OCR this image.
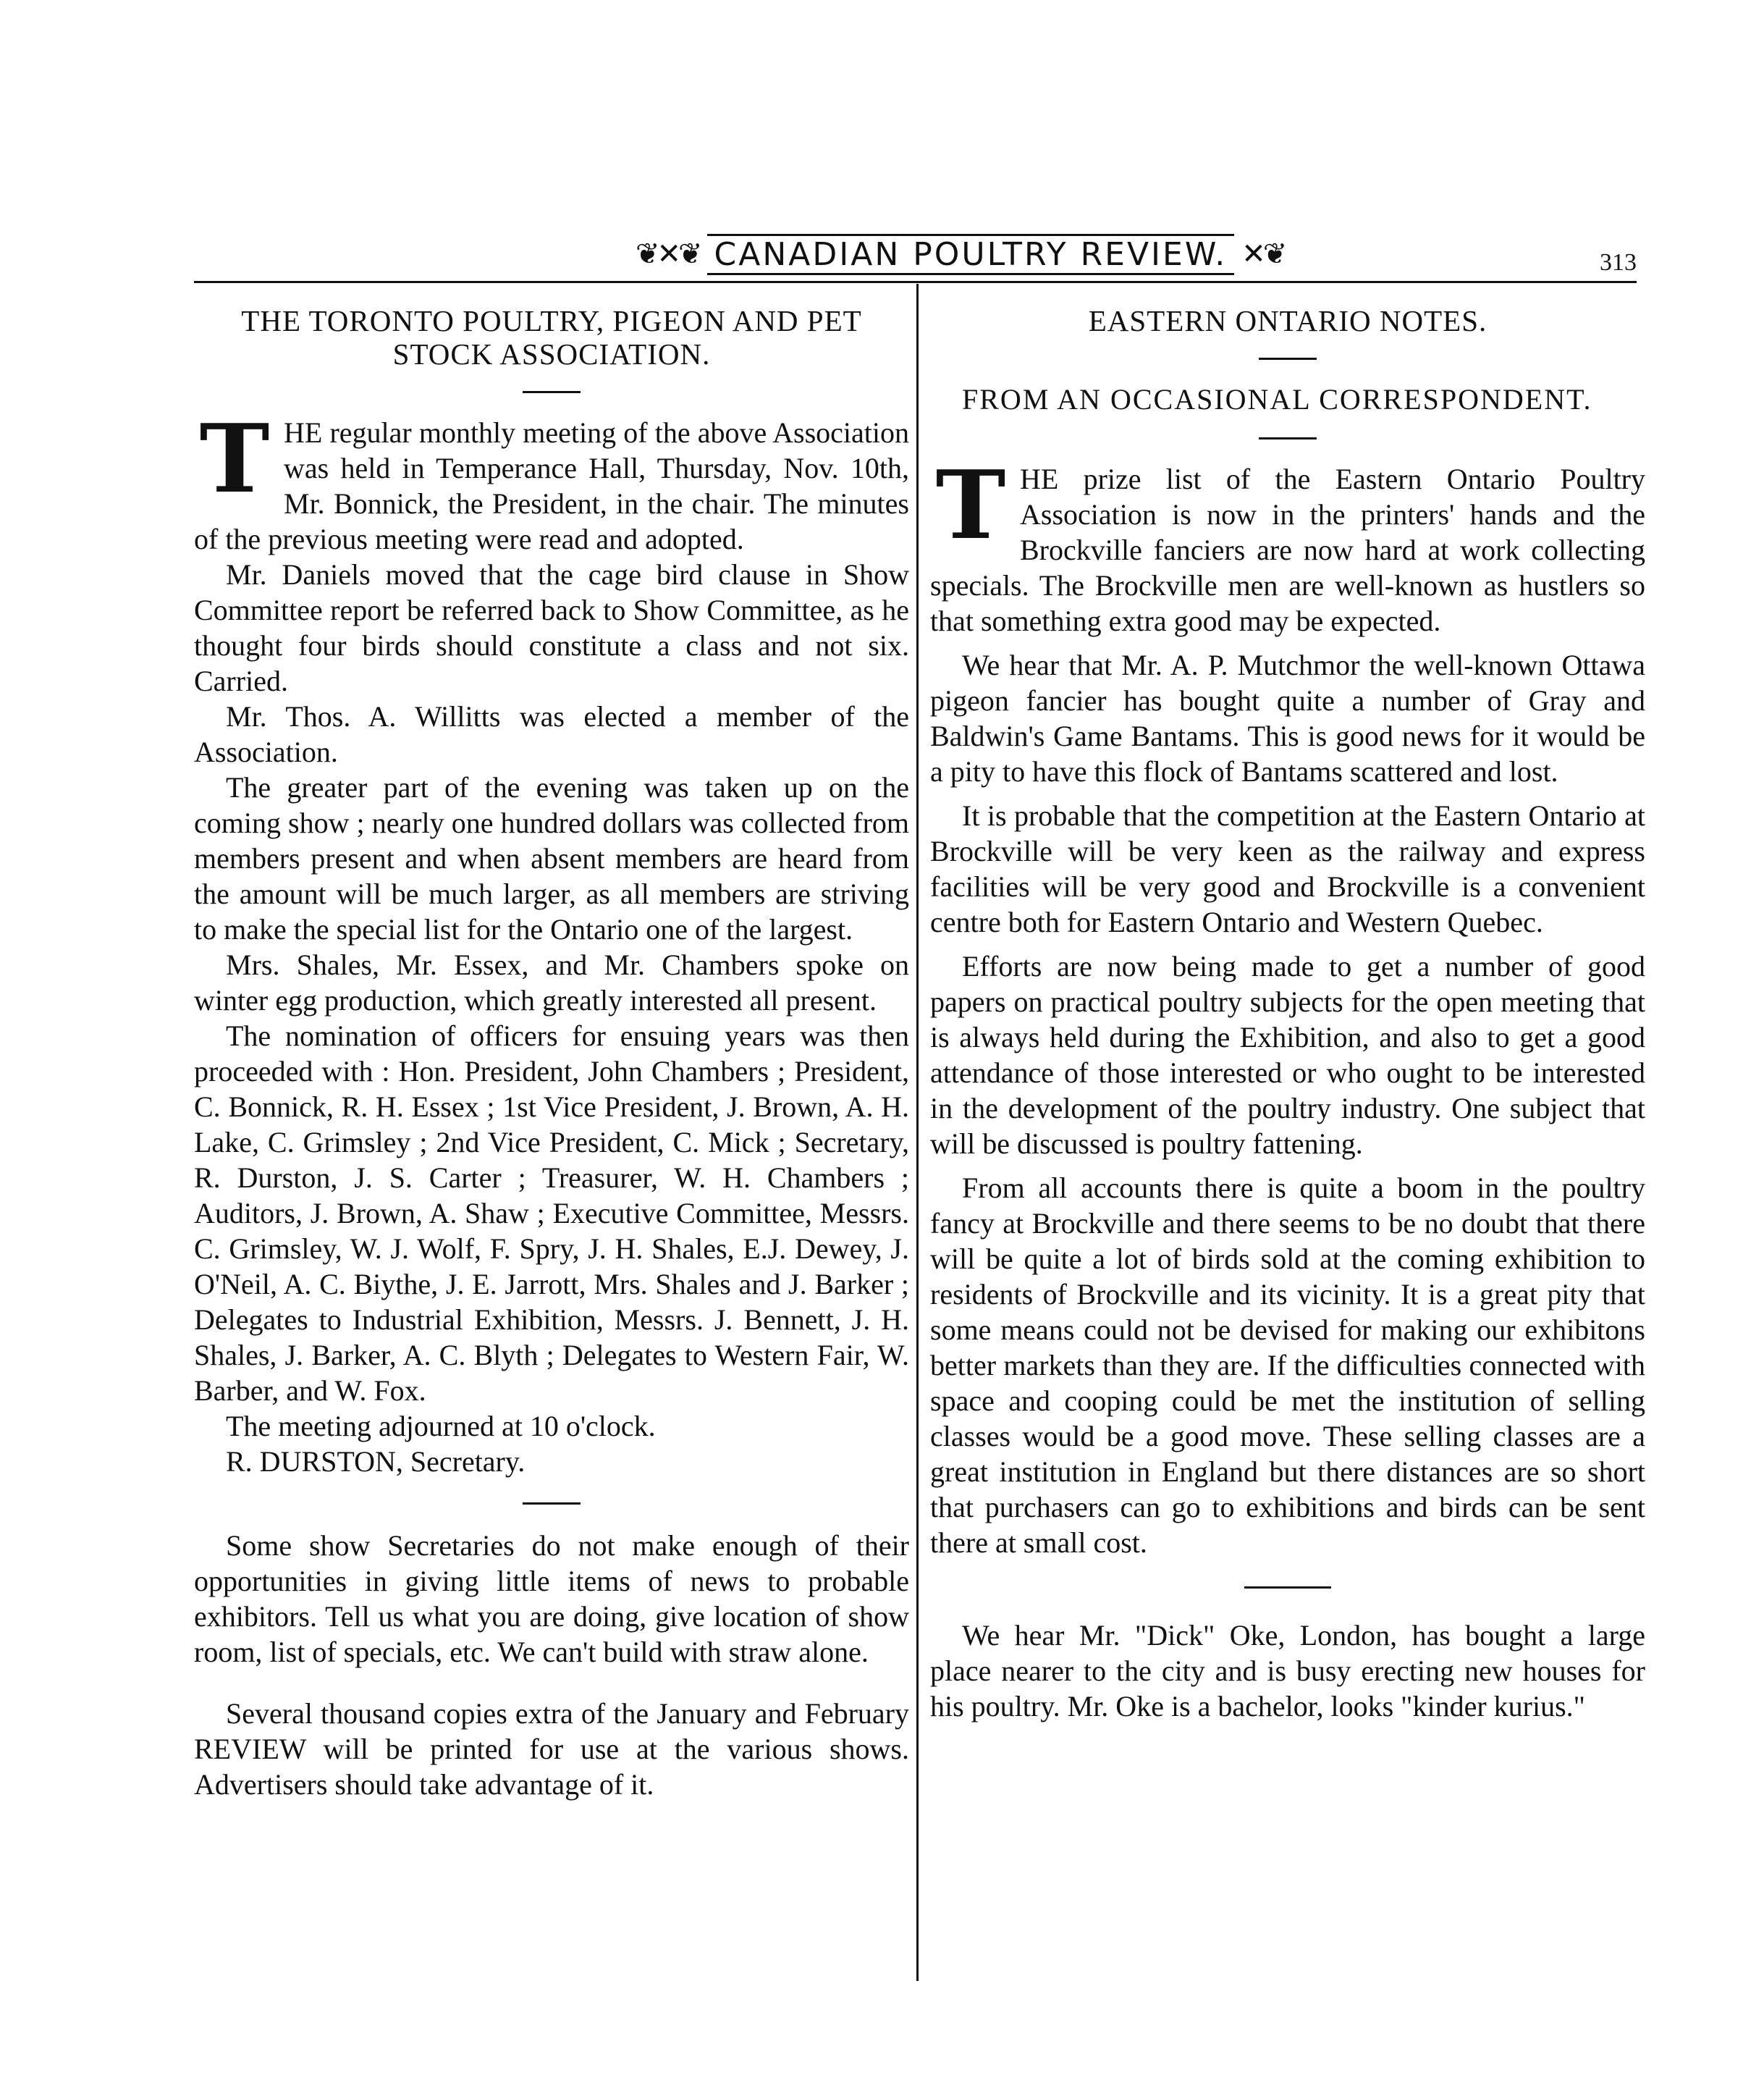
❦✕❦ CANADIAN POULTRY REVIEW. ✕❦	313
THE TORONTO POULTRY, PIGEON AND PET STOCK ASSOCIATION.
T HE regular monthly meeting of the above Association was held in Temperance Hall, Thursday, Nov. 10th, Mr. Bonnick, the President, in the chair. The minutes of the previous meeting were read and adopted.

Mr. Daniels moved that the cage bird clause in Show Committee report be referred back to Show Committee, as he thought four birds should constitute a class and not six. Carried.

Mr. Thos. A. Willitts was elected a member of the Association.

The greater part of the evening was taken up on the coming show ; nearly one hundred dollars was collected from members present and when absent members are heard from the amount will be much larger, as all members are striving to make the special list for the Ontario one of the largest.

Mrs. Shales, Mr. Essex, and Mr. Chambers spoke on winter egg production, which greatly interested all present.

The nomination of officers for ensuing years was then proceeded with : Hon. President, John Chambers ; President, C. Bonnick, R. H. Essex ; 1st Vice President, J. Brown, A. H. Lake, C. Grimsley ; 2nd Vice President, C. Mick ; Secretary, R. Durston, J. S. Carter ; Treasurer, W. H. Chambers ; Auditors, J. Brown, A. Shaw ; Executive Committee, Messrs. C. Grimsley, W. J. Wolf, F. Spry, J. H. Shales, E.J. Dewey, J. O'Neil, A. C. Biythe, J. E. Jarrott, Mrs. Shales and J. Barker ; Delegates to Industrial Exhibition, Messrs. J. Bennett, J. H. Shales, J. Barker, A. C. Blyth ; Delegates to Western Fair, W. Barber, and W. Fox.

The meeting adjourned at 10 o'clock.

R. DURSTON, Secretary.

Some show Secretaries do not make enough of their opportunities in giving little items of news to probable exhibitors. Tell us what you are doing, give location of show room, list of specials, etc. We can't build with straw alone.

Several thousand copies extra of the January and February REVIEW will be printed for use at the various shows. Advertisers should take advantage of it.

EASTERN ONTARIO NOTES.

FROM AN OCCASIONAL CORRESPONDENT.

T HE prize list of the Eastern Ontario Poultry Association is now in the printers' hands and the Brockville fanciers are now hard at work collecting specials. The Brockville men are well-known as hustlers so that something extra good may be expected.

We hear that Mr. A. P. Mutchmor the well-known Ottawa pigeon fancier has bought quite a number of Gray and Baldwin's Game Bantams. This is good news for it would be a pity to have this flock of Bantams scattered and lost.

It is probable that the competition at the Eastern Ontario at Brockville will be very keen as the railway and express facilities will be very good and Brockville is a convenient centre both for Eastern Ontario and Western Quebec.

Efforts are now being made to get a number of good papers on practical poultry subjects for the open meeting that is always held during the Exhibition, and also to get a good attendance of those interested or who ought to be interested in the development of the poultry industry. One subject that will be discussed is poultry fattening.

From all accounts there is quite a boom in the poultry fancy at Brockville and there seems to be no doubt that there will be quite a lot of birds sold at the coming exhibition to residents of Brockville and its vicinity. It is a great pity that some means could not be devised for making our exhibitons better markets than they are. If the difficulties connected with space and cooping could be met the institution of selling classes would be a good move. These selling classes are a great institution in England but there distances are so short that purchasers can go to exhibitions and birds can be sent there at small cost.

We hear Mr. "Dick" Oke, London, has bought a large place nearer to the city and is busy erecting new houses for his poultry. Mr. Oke is a bachelor, looks "kinder kurius."
